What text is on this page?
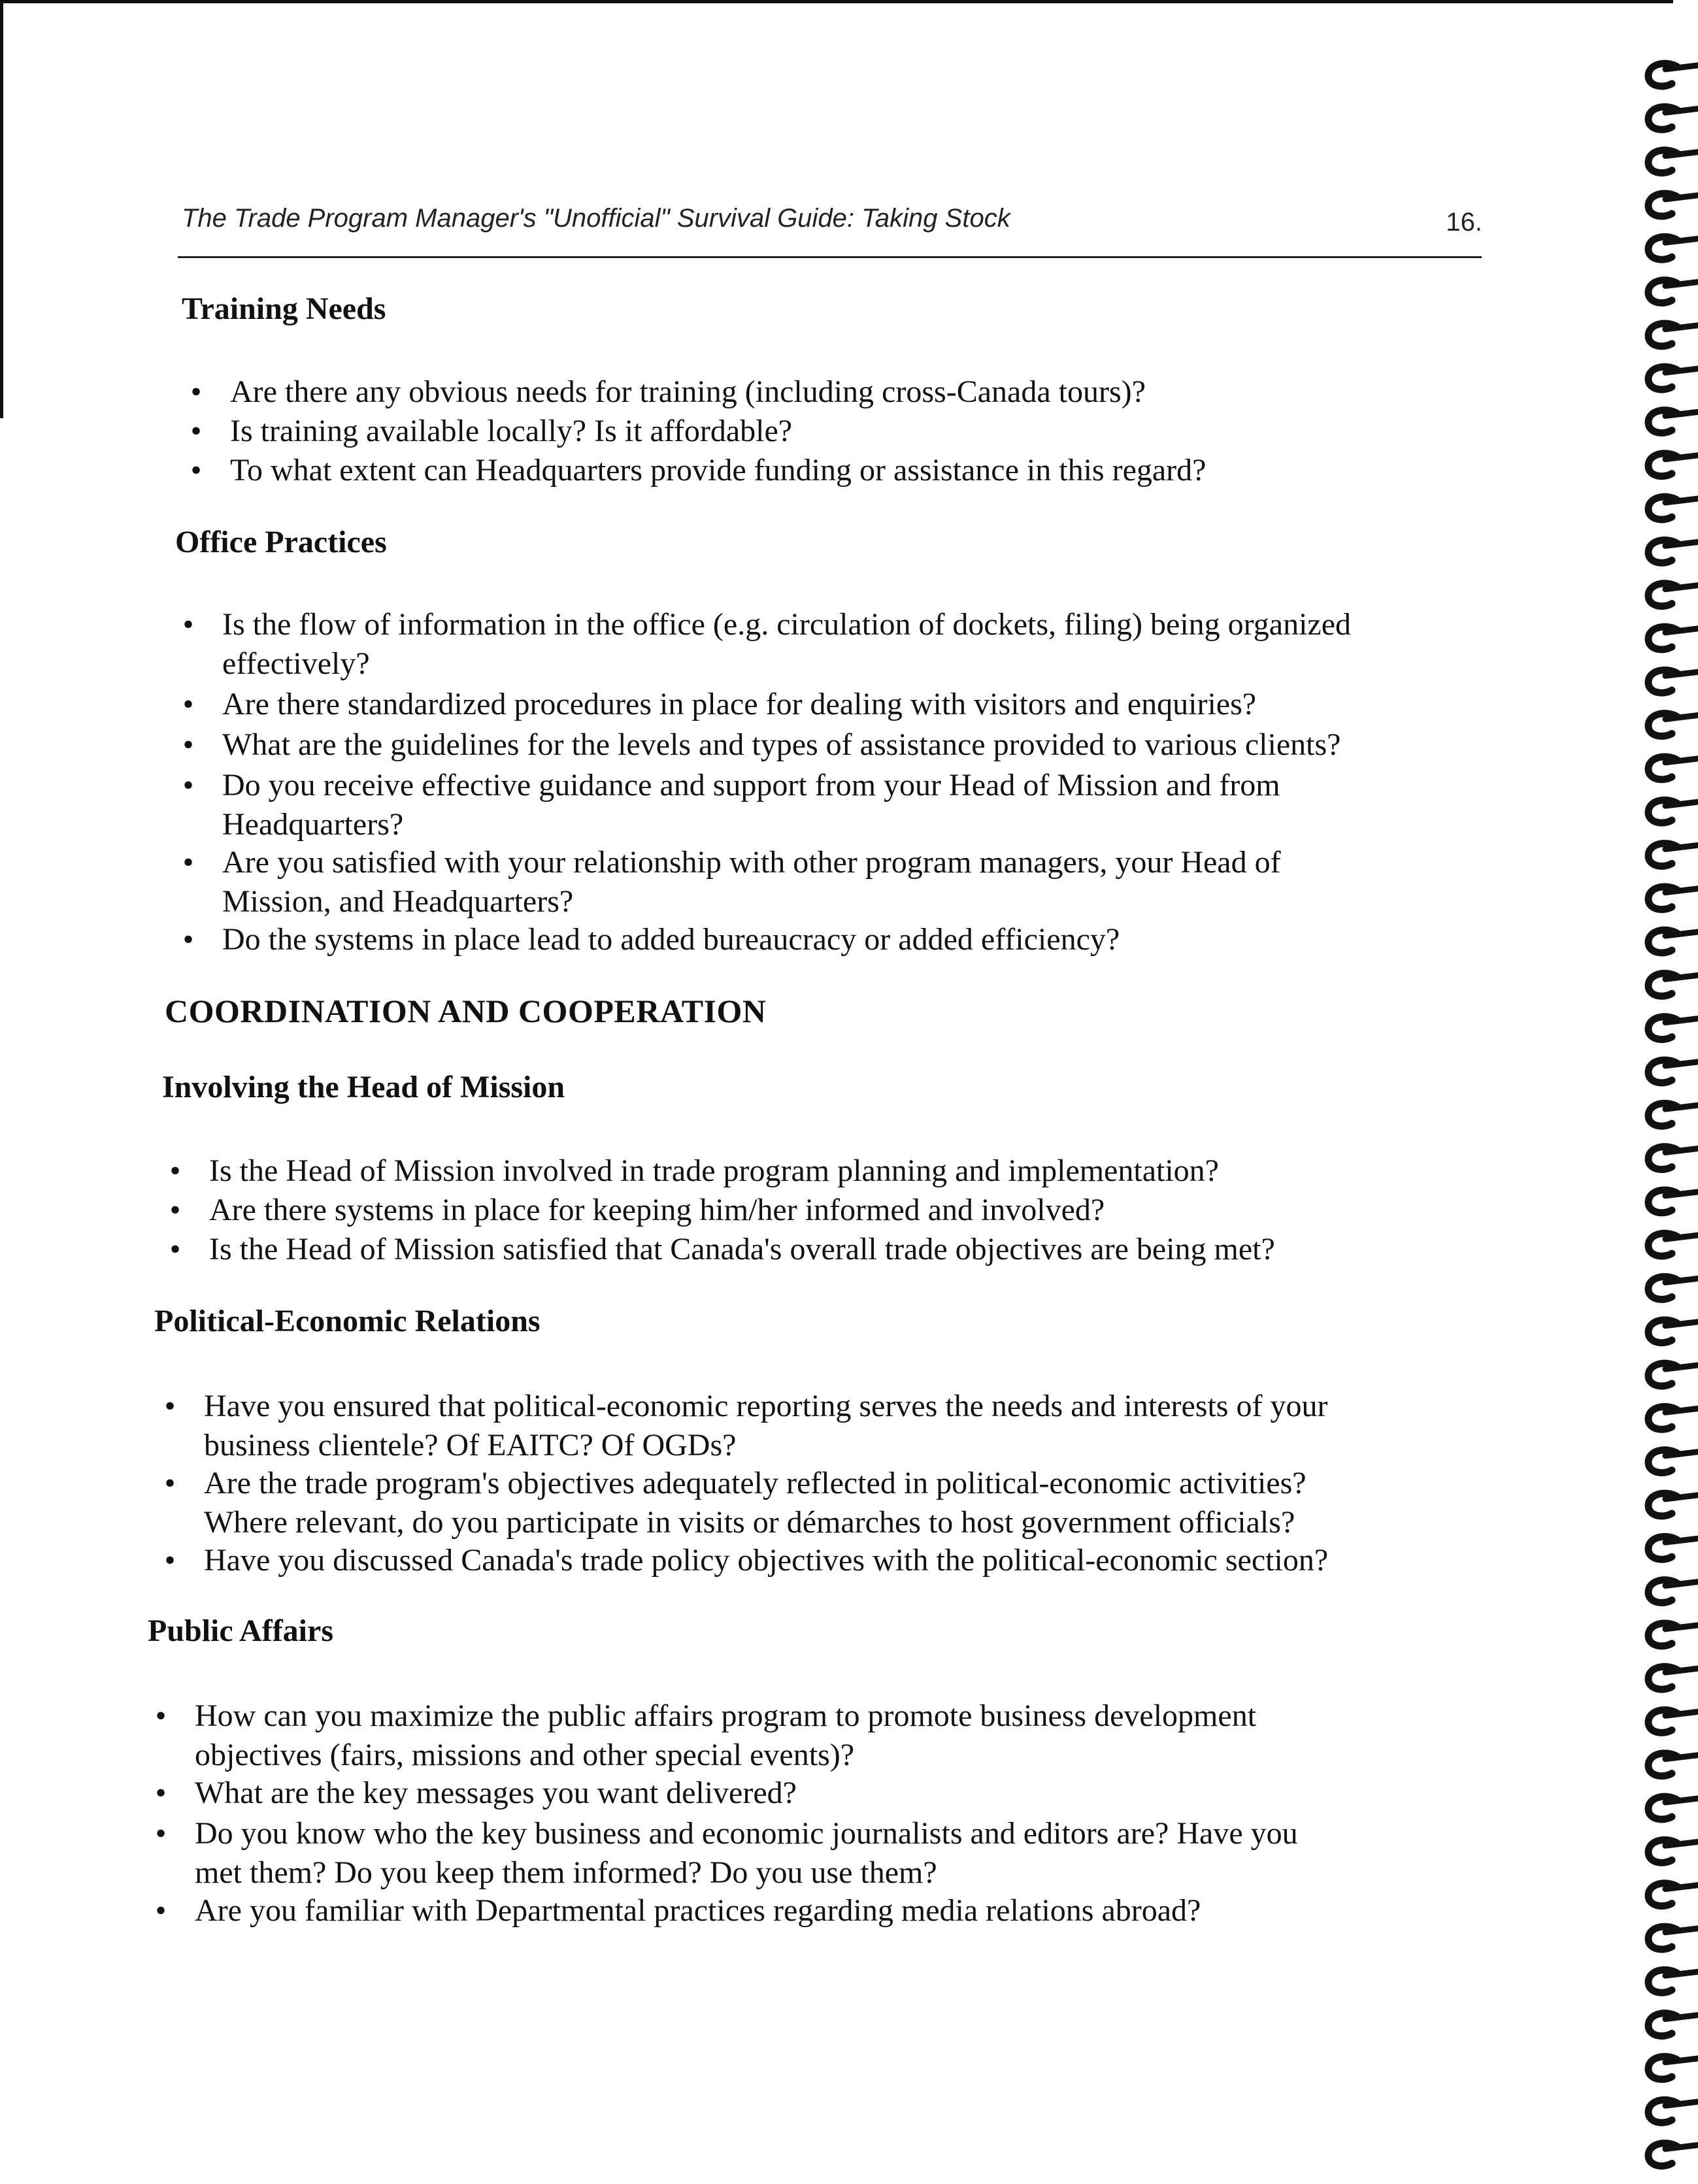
The Trade Program Manager's "Unofficial" Survival Guide: Taking Stock	16.
Training Needs
• Are there any obvious needs for training (including cross-Canada tours)?
• Is training available locally? Is it affordable?
• To what extent can Headquarters provide funding or assistance in this regard?
Office Practices
• Is the flow of information in the office (e.g. circulation of dockets, filing) being organized
effectively?
• Are there standardized procedures in place for dealing with visitors and enquiries?
• What are the guidelines for the levels and types of assistance provided to various clients?
• Do you receive effective guidance and support from your Head of Mission and from
Headquarters?
• Are you satisfied with your relationship with other program managers, your Head of
Mission, and Headquarters?
• Do the systems in place lead to added bureaucracy or added efficiency?
COORDINATION AND COOPERATION
Involving the Head of Mission
• Is the Head of Mission involved in trade program planning and implementation?
• Are there systems in place for keeping him/her informed and involved?
• Is the Head of Mission satisfied that Canada's overall trade objectives are being met?
Political-Economic Relations
• Have you ensured that political-economic reporting serves the needs and interests of your
business clientele? Of EAITC? Of OGDs?
• Are the trade program's objectives adequately reflected in political-economic activities?
Where relevant, do you participate in visits or démarches to host government officials?
• Have you discussed Canada's trade policy objectives with the political-economic section?
Public Affairs
• How can you maximize the public affairs program to promote business development
objectives (fairs, missions and other special events)?
• What are the key messages you want delivered?
• Do you know who the key business and economic journalists and editors are? Have you
met them? Do you keep them informed? Do you use them?
• Are you familiar with Departmental practices regarding media relations abroad?
